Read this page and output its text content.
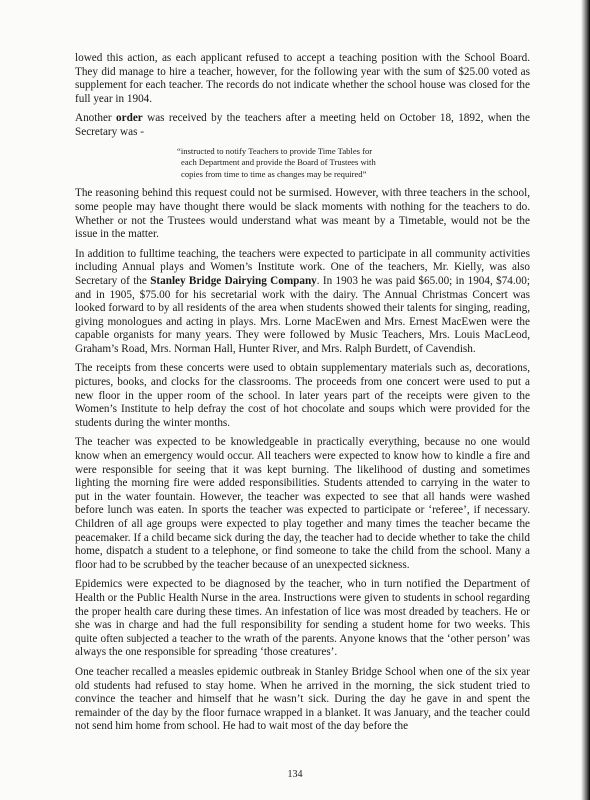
lowed this action, as each applicant refused to accept a teaching position with the School Board. They did manage to hire a teacher, however, for the following year with the sum of $25.00 voted as supplement for each teacher. The records do not indicate whether the school house was closed for the full year in 1904.

Another order was received by the teachers after a meeting held on October 18, 1892, when the Secretary was -

“instructed to notify Teachers to provide Time Tables for
each Department and provide the Board of Trustees with
copies from time to time as changes may be required”

The reasoning behind this request could not be surmised. However, with three teachers in the school, some people may have thought there would be slack moments with nothing for the teachers to do. Whether or not the Trustees would understand what was meant by a Timetable, would not be the issue in the matter.

In addition to fulltime teaching, the teachers were expected to participate in all community activities including Annual plays and Women’s Institute work. One of the teachers, Mr. Kielly, was also Secretary of the Stanley Bridge Dairying Company. In 1903 he was paid $65.00; in 1904, $74.00; and in 1905, $75.00 for his secretarial work with the dairy. The Annual Christmas Concert was looked forward to by all residents of the area when students showed their talents for singing, reading, giving monologues and acting in plays. Mrs. Lorne MacEwen and Mrs. Ernest MacEwen were the capable organists for many years. They were followed by Music Teachers, Mrs. Louis MacLeod, Graham’s Road, Mrs. Norman Hall, Hunter River, and Mrs. Ralph Burdett, of Cavendish.

The receipts from these concerts were used to obtain supplementary materials such as, decorations, pictures, books, and clocks for the classrooms. The proceeds from one concert were used to put a new floor in the upper room of the school. In later years part of the receipts were given to the Women’s Institute to help defray the cost of hot chocolate and soups which were provided for the students during the winter months.

The teacher was expected to be knowledgeable in practically everything, because no one would know when an emergency would occur. All teachers were expected to know how to kindle a fire and were responsible for seeing that it was kept burning. The likelihood of dusting and sometimes lighting the morning fire were added responsibilities. Students attended to carrying in the water to put in the water fountain. However, the teacher was expected to see that all hands were washed before lunch was eaten. In sports the teacher was expected to participate or ‘referee’, if necessary. Children of all age groups were expected to play together and many times the teacher became the peacemaker. If a child became sick during the day, the teacher had to decide whether to take the child home, dispatch a student to a telephone, or find someone to take the child from the school. Many a floor had to be scrubbed by the teacher because of an unexpected sickness.

Epidemics were expected to be diagnosed by the teacher, who in turn notified the Department of Health or the Public Health Nurse in the area. Instructions were given to students in school regarding the proper health care during these times. An infestation of lice was most dreaded by teachers. He or she was in charge and had the full responsibility for sending a student home for two weeks. This quite often subjected a teacher to the wrath of the parents. Anyone knows that the ‘other person’ was always the one responsible for spreading ‘those creatures’.

One teacher recalled a measles epidemic outbreak in Stanley Bridge School when one of the six year old students had refused to stay home. When he arrived in the morning, the sick student tried to convince the teacher and himself that he wasn’t sick. During the day he gave in and spent the remainder of the day by the floor furnace wrapped in a blanket. It was January, and the teacher could not send him home from school. He had to wait most of the day before the

134
